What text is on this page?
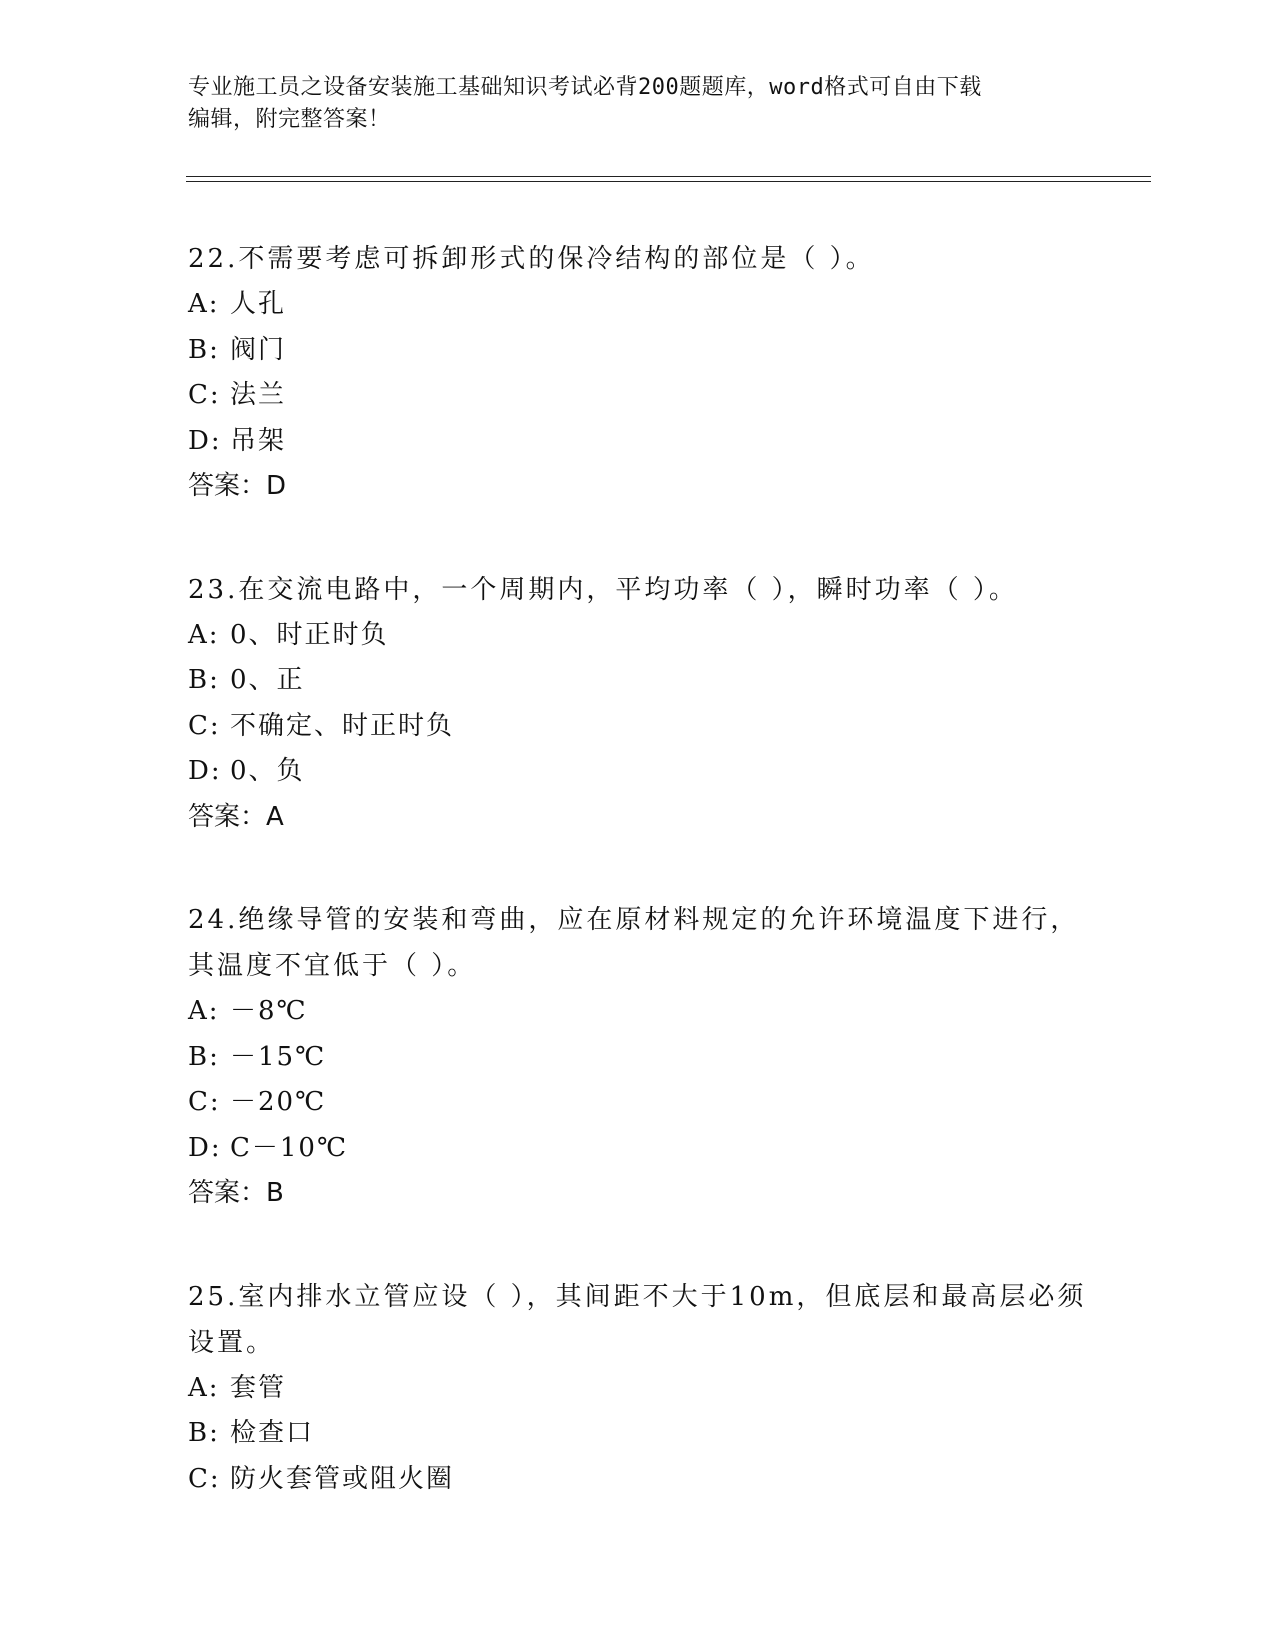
专业施工员之设备安装施工基础知识考试必背200题题库，word格式可自由下载
编辑，附完整答案！
22.不需要考虑可拆卸形式的保冷结构的部位是（ ）。
A: 人孔
B: 阀门
C: 法兰
D: 吊架
答案：D
23.在交流电路中，一个周期内，平均功率（ ），瞬时功率（ ）。
A: 0、时正时负
B: 0、正
C: 不确定、时正时负
D: 0、负
答案：A
24.绝缘导管的安装和弯曲，应在原材料规定的允许环境温度下进行，
其温度不宜低于（ ）。
A: －8℃
B: －15℃
C: －20℃
D: C－10℃
答案：B
25.室内排水立管应设（ ），其间距不大于10m，但底层和最高层必须
设置。
A: 套管
B: 检查口
C: 防火套管或阻火圈
